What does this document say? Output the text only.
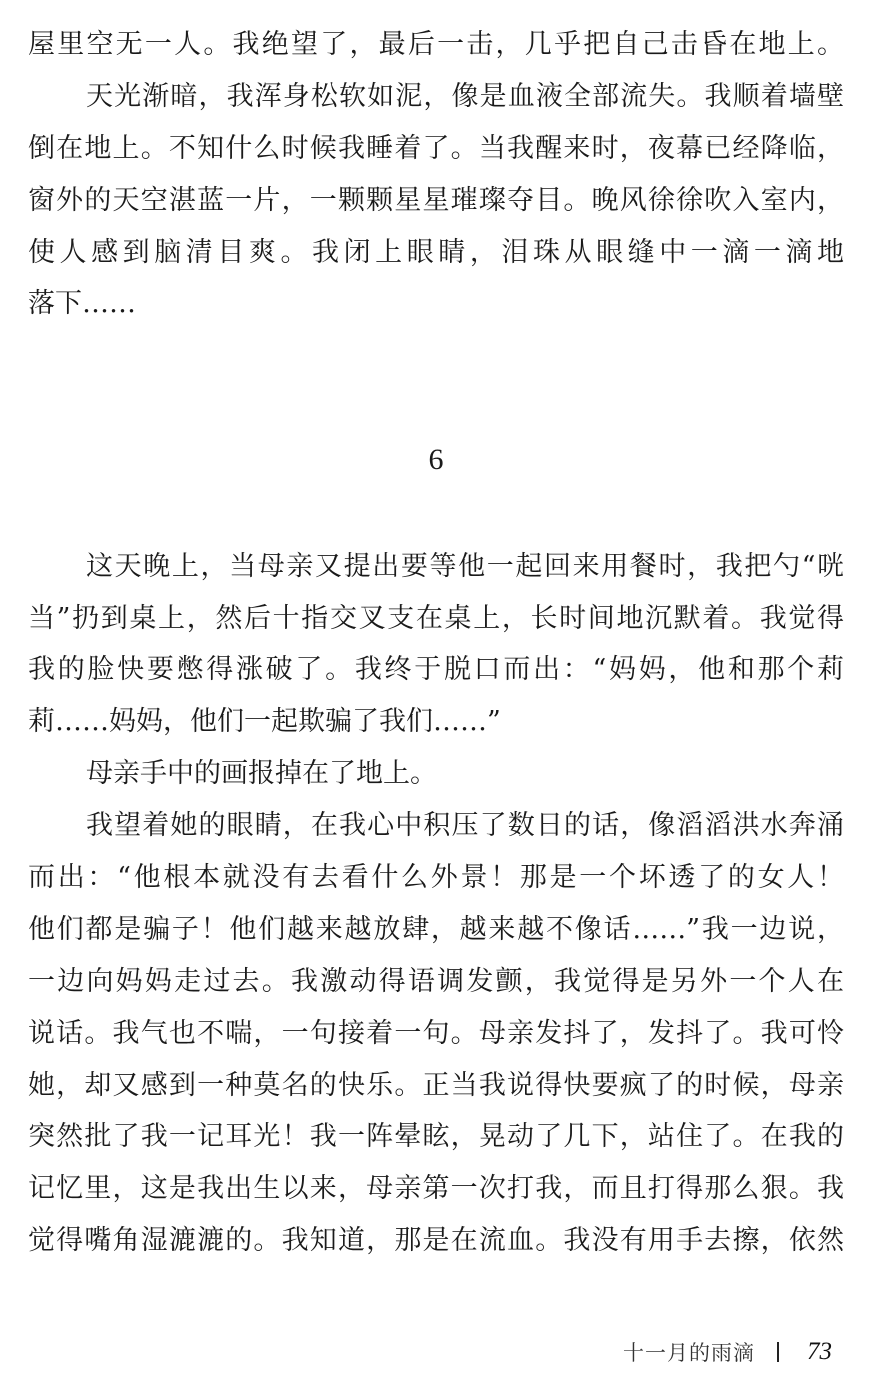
屋里空无一人。我绝望了，最后一击，几乎把自己击昏在地上。
天光渐暗，我浑身松软如泥，像是血液全部流失。我顺着墙壁
倒在地上。不知什么时候我睡着了。当我醒来时，夜幕已经降临，
窗外的天空湛蓝一片，一颗颗星星璀璨夺目。晚风徐徐吹入室内，
使人感到脑清目爽。我闭上眼睛，泪珠从眼缝中一滴一滴地
落下……
6
这天晚上，当母亲又提出要等他一起回来用餐时，我把勺“咣
当”扔到桌上，然后十指交叉支在桌上，长时间地沉默着。我觉得
我的脸快要憋得涨破了。我终于脱口而出：“妈妈，他和那个莉
莉……妈妈，他们一起欺骗了我们……”
母亲手中的画报掉在了地上。
我望着她的眼睛，在我心中积压了数日的话，像滔滔洪水奔涌
而出：“他根本就没有去看什么外景！那是一个坏透了的女人！
他们都是骗子！他们越来越放肆，越来越不像话……”我一边说，
一边向妈妈走过去。我激动得语调发颤，我觉得是另外一个人在
说话。我气也不喘，一句接着一句。母亲发抖了，发抖了。我可怜
她，却又感到一种莫名的快乐。正当我说得快要疯了的时候，母亲
突然批了我一记耳光！我一阵晕眩，晃动了几下，站住了。在我的
记忆里，这是我出生以来，母亲第一次打我，而且打得那么狠。我
觉得嘴角湿漉漉的。我知道，那是在流血。我没有用手去擦，依然
十一月的雨滴 73
